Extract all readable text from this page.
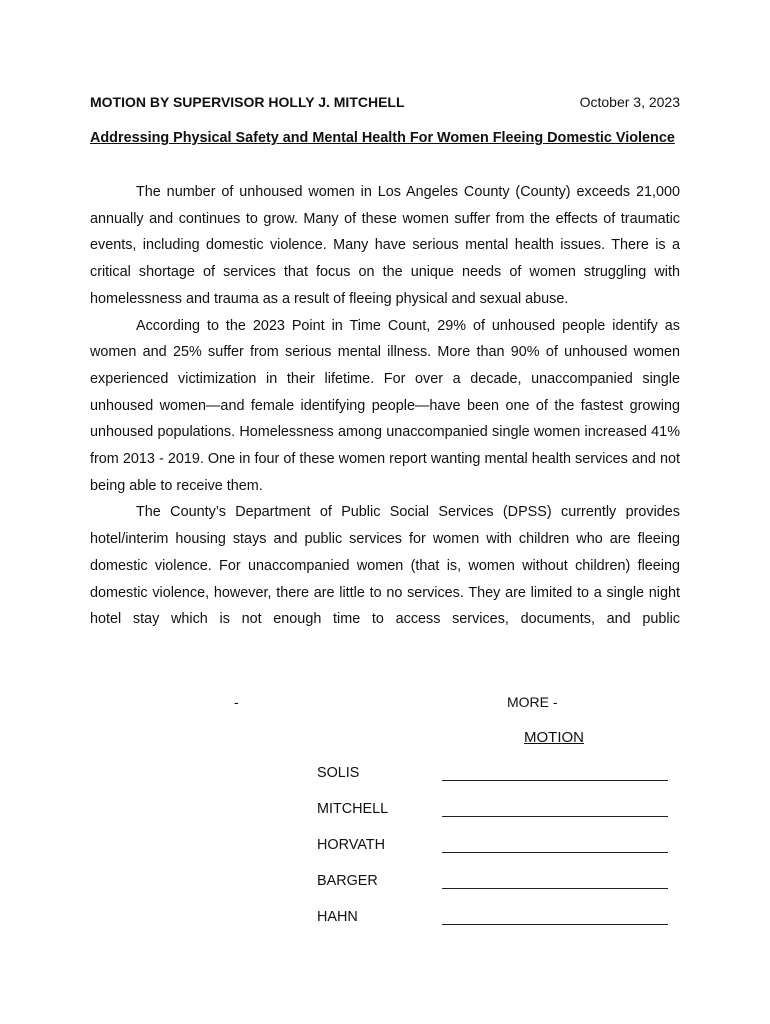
MOTION BY SUPERVISOR HOLLY J. MITCHELL	October 3, 2023
Addressing Physical Safety and Mental Health For Women Fleeing Domestic Violence

The number of unhoused women in Los Angeles County (County) exceeds 21,000 annually and continues to grow. Many of these women suffer from the effects of traumatic events, including domestic violence. Many have serious mental health issues. There is a critical shortage of services that focus on the unique needs of women struggling with homelessness and trauma as a result of fleeing physical and sexual abuse.

According to the 2023 Point in Time Count, 29% of unhoused people identify as women and 25% suffer from serious mental illness. More than 90% of unhoused women experienced victimization in their lifetime. For over a decade, unaccompanied single unhoused women—and female identifying people—have been one of the fastest growing unhoused populations. Homelessness among unaccompanied single women increased 41% from 2013 - 2019. One in four of these women report wanting mental health services and not being able to receive them.

The County’s Department of Public Social Services (DPSS) currently provides hotel/interim housing stays and public services for women with children who are fleeing domestic violence. For unaccompanied women (that is, women without children) fleeing domestic violence, however, there are little to no services. They are limited to a single night hotel stay which is not enough time to access services, documents, and public

-	MORE -
MOTION
SOLIS
MITCHELL
HORVATH
BARGER
HAHN
